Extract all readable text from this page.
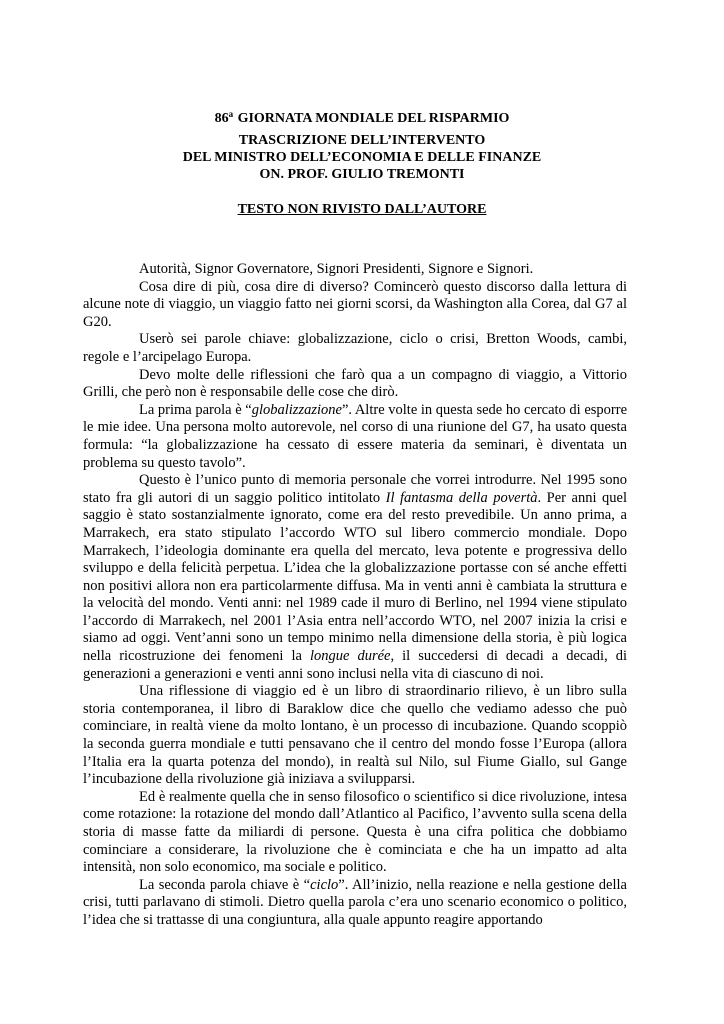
86$^a$ GIORNATA MONDIALE DEL RISPARMIO
TRASCRIZIONE DELL’INTERVENTO
DEL MINISTRO DELL’ECONOMIA E DELLE FINANZE
ON. PROF. GIULIO TREMONTI
TESTO NON RIVISTO DALL’AUTORE

Autorità, Signor Governatore, Signori Presidenti, Signore e Signori.

Cosa dire di più, cosa dire di diverso? Comincerò questo discorso dalla lettura di alcune note di viaggio, un viaggio fatto nei giorni scorsi, da Washington alla Corea, dal G7 al G20.

Userò sei parole chiave: globalizzazione, ciclo o crisi, Bretton Woods, cambi, regole e l’arcipelago Europa.

Devo molte delle riflessioni che farò qua a un compagno di viaggio, a Vittorio Grilli, che però non è responsabile delle cose che dirò.

La prima parola è “globalizzazione”. Altre volte in questa sede ho cercato di esporre le mie idee. Una persona molto autorevole, nel corso di una riunione del G7, ha usato questa formula: “la globalizzazione ha cessato di essere materia da seminari, è diventata un problema su questo tavolo”.

Questo è l’unico punto di memoria personale che vorrei introdurre. Nel 1995 sono stato fra gli autori di un saggio politico intitolato Il fantasma della povertà. Per anni quel saggio è stato sostanzialmente ignorato, come era del resto prevedibile. Un anno prima, a Marrakech, era stato stipulato l’accordo WTO sul libero commercio mondiale. Dopo Marrakech, l’ideologia dominante era quella del mercato, leva potente e progressiva dello sviluppo e della felicità perpetua. L’idea che la globalizzazione portasse con sé anche effetti non positivi allora non era particolarmente diffusa. Ma in venti anni è cambiata la struttura e la velocità del mondo. Venti anni: nel 1989 cade il muro di Berlino, nel 1994 viene stipulato l’accordo di Marrakech, nel 2001 l’Asia entra nell’accordo WTO, nel 2007 inizia la crisi e siamo ad oggi. Vent’anni sono un tempo minimo nella dimensione della storia, è più logica nella ricostruzione dei fenomeni la longue durée, il succedersi di decadi a decadi, di generazioni a generazioni e venti anni sono inclusi nella vita di ciascuno di noi.

Una riflessione di viaggio ed è un libro di straordinario rilievo, è un libro sulla storia contemporanea, il libro di Baraklow dice che quello che vediamo adesso che può cominciare, in realtà viene da molto lontano, è un processo di incubazione. Quando scoppiò la seconda guerra mondiale e tutti pensavano che il centro del mondo fosse l’Europa (allora l’Italia era la quarta potenza del mondo), in realtà sul Nilo, sul Fiume Giallo, sul Gange l’incubazione della rivoluzione già iniziava a svilupparsi.

Ed è realmente quella che in senso filosofico o scientifico si dice rivoluzione, intesa come rotazione: la rotazione del mondo dall’Atlantico al Pacifico, l’avvento sulla scena della storia di masse fatte da miliardi di persone. Questa è una cifra politica che dobbiamo cominciare a considerare, la rivoluzione che è cominciata e che ha un impatto ad alta intensità, non solo economico, ma sociale e politico.

La seconda parola chiave è “ciclo”. All’inizio, nella reazione e nella gestione della crisi, tutti parlavano di stimoli. Dietro quella parola c’era uno scenario economico o politico, l’idea che si trattasse di una congiuntura, alla quale appunto reagire apportando
